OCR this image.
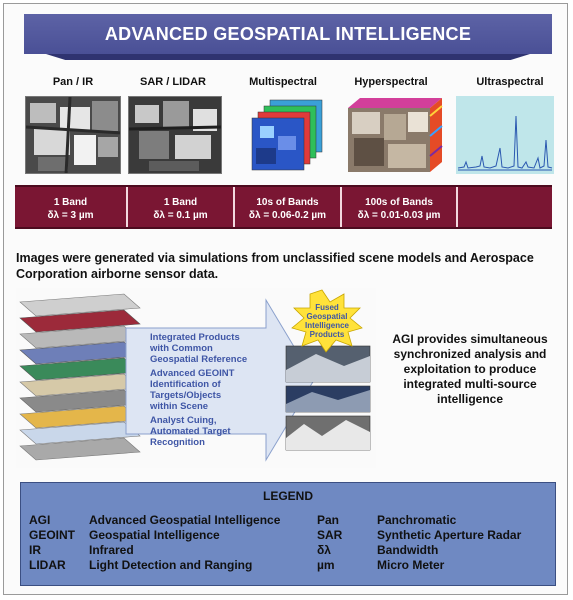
ADVANCED GEOSPATIAL INTELLIGENCE
Pan / IR	SAR / LIDAR	Multispectral	Hyperspectral	Ultraspectral
1 Band
δλ = 3 µm
1 Band
δλ = 0.1 µm
10s of Bands
δλ = 0.06-0.2 µm
100s of Bands
δλ = 0.01-0.03 µm
Images were generated via simulations from unclassified scene models and Aerospace Corporation airborne sensor data.
Integrated Products
with Common
Geospatial Reference
Advanced GEOINT
Identification of
Targets/Objects
within Scene
Analyst Cuing,
Automated Target
Recognition
Fused
Geospatial
Intelligence
Products	AGI provides simultaneous
synchronized analysis and
exploitation to produce
integrated multi-source
intelligence
LEGEND
AGI	Advanced Geospatial Intelligence
GEOINT Geospatial Intelligence
IR	Infrared
LIDAR Light Detection and Ranging
Pan	Panchromatic
SAR	Synthetic Aperture Radar
δλ	Bandwidth
µm	Micro Meter
